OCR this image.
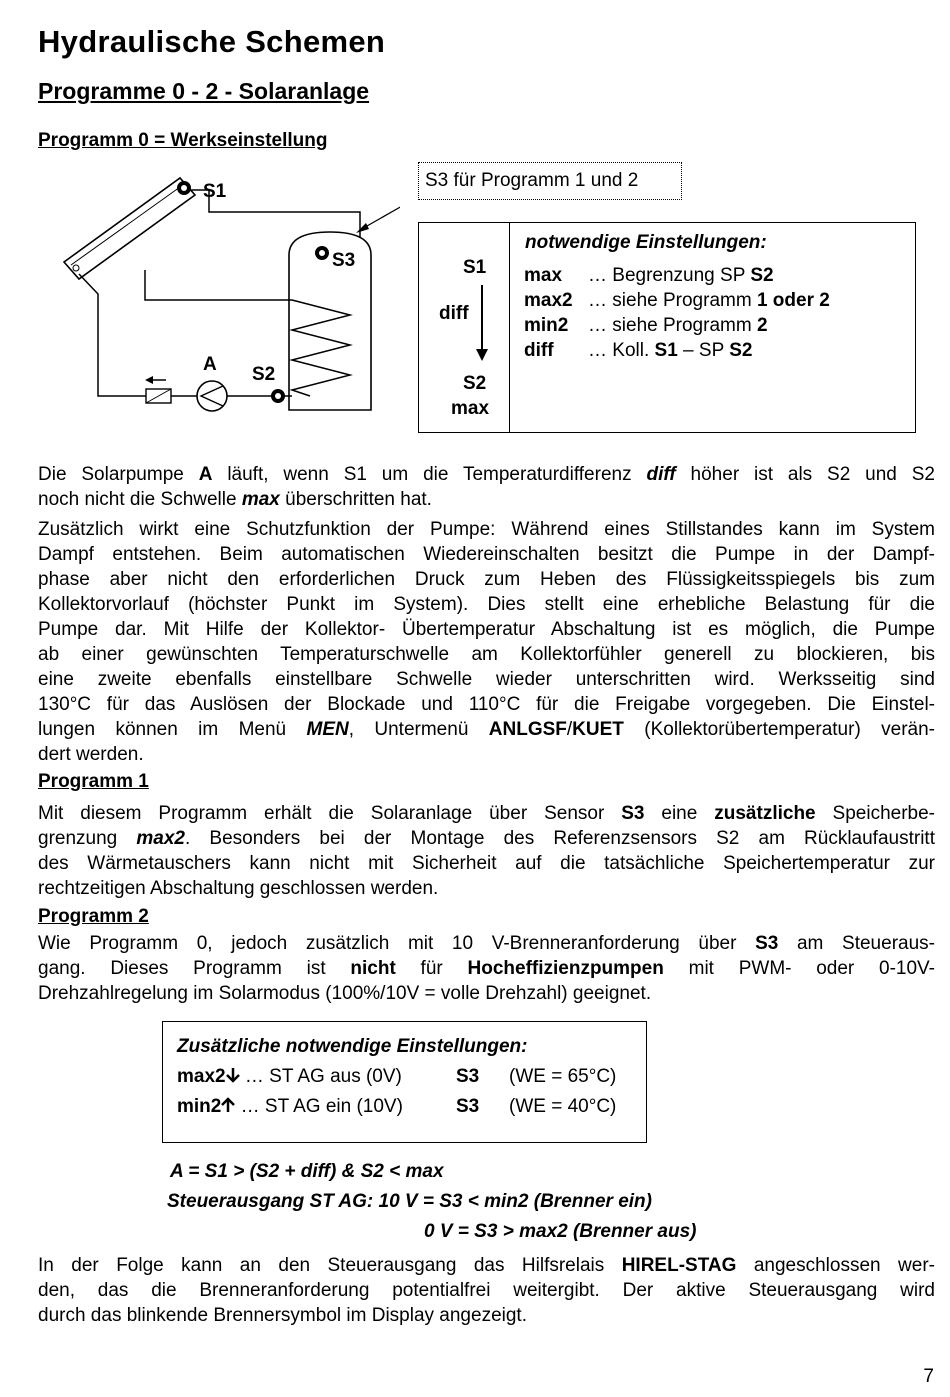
Hydraulische Schemen
Programme 0 - 2 - Solaranlage
Programm 0 = Werkseinstellung
S1
S3
S2
A
S3 für Programm 1 und 2
S1
diff
S2
max
notwendige Einstellungen:
max … Begrenzung SP S2
max2 … siehe Programm 1 oder 2
min2 … siehe Programm 2
diff … Koll. S1 – SP S2
Die Solarpumpe A läuft, wenn S1 um die Temperaturdifferenz diff höher ist als S2 und S2
noch nicht die Schwelle max überschritten hat.
Zusätzlich wirkt eine Schutzfunktion der Pumpe: Während eines Stillstandes kann im System
Dampf entstehen. Beim automatischen Wiedereinschalten besitzt die Pumpe in der Dampf-
phase aber nicht den erforderlichen Druck zum Heben des Flüssigkeitsspiegels bis zum
Kollektorvorlauf (höchster Punkt im System). Dies stellt eine erhebliche Belastung für die
Pumpe dar. Mit Hilfe der Kollektor- Übertemperatur Abschaltung ist es möglich, die Pumpe
ab einer gewünschten Temperaturschwelle am Kollektorfühler generell zu blockieren, bis
eine zweite ebenfalls einstellbare Schwelle wieder unterschritten wird. Werksseitig sind
130°C für das Auslösen der Blockade und 110°C für die Freigabe vorgegeben. Die Einstel-
lungen können im Menü MEN, Untermenü ANLGSF/KUET (Kollektorübertemperatur) verän-
dert werden.
Programm 1
Mit diesem Programm erhält die Solaranlage über Sensor S3 eine zusätzliche Speicherbe-
grenzung max2. Besonders bei der Montage des Referenzsensors S2 am Rücklaufaustritt
des Wärmetauschers kann nicht mit Sicherheit auf die tatsächliche Speichertemperatur zur
rechtzeitigen Abschaltung geschlossen werden.
Programm 2
Wie Programm 0, jedoch zusätzlich mit 10 V-Brenneranforderung über S3 am Steueraus-
gang. Dieses Programm ist nicht für Hocheffizienzpumpen mit PWM- oder 0-10V-
Drehzahlregelung im Solarmodus (100%/10V = volle Drehzahl) geeignet.
Zusätzliche notwendige Einstellungen:
max2 … ST AG aus (0V)	S3 (WE = 65°C)
min2 … ST AG ein (10V)	S3 (WE = 40°C)
A = S1 > (S2 + diff) & S2 < max
Steuerausgang ST AG: 10 V = S3 < min2 (Brenner ein)
0 V = S3 > max2 (Brenner aus)
In der Folge kann an den Steuerausgang das Hilfsrelais HIREL-STAG angeschlossen wer-
den, das die Brenneranforderung potentialfrei weitergibt. Der aktive Steuerausgang wird
durch das blinkende Brennersymbol im Display angezeigt.
7
